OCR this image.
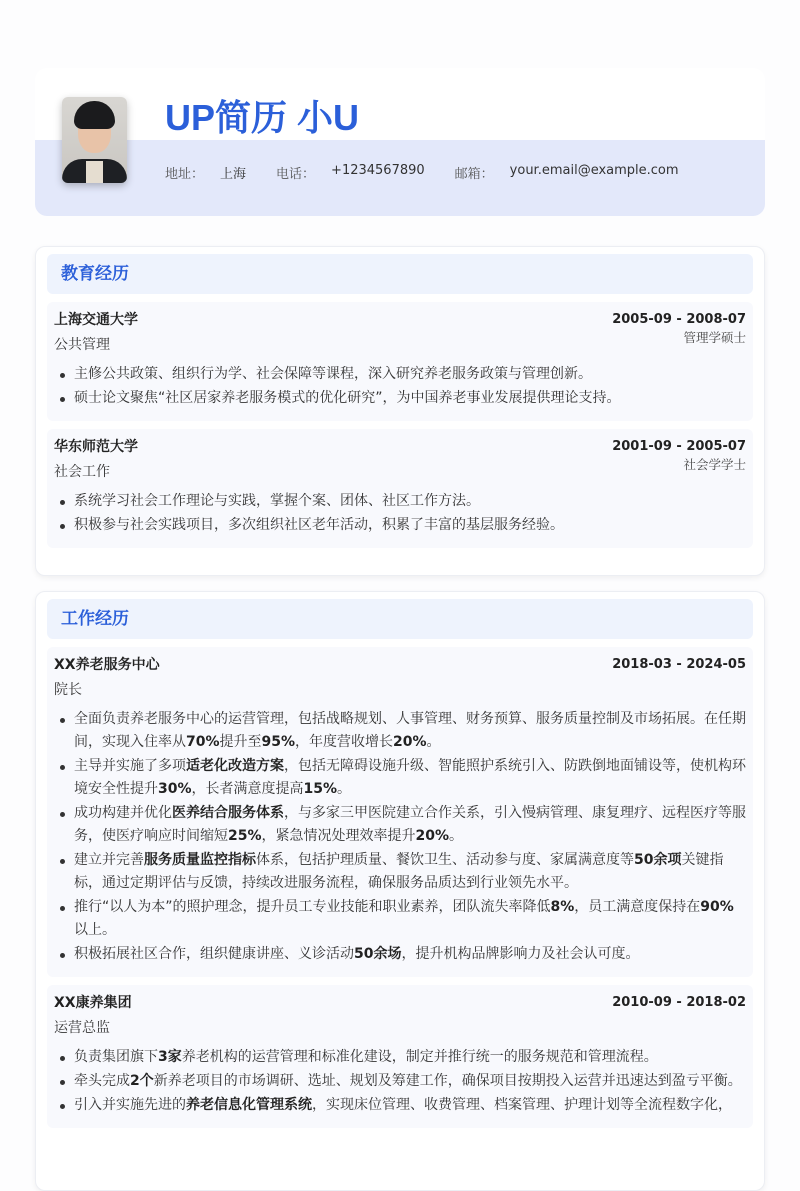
UP简历 小U
地址： 上海 电话： +1234567890 邮箱： your.email@example.com
教育经历
上海交通大学	2005-09 - 2008-07
管理学硕士
公共管理
主修公共政策、组织行为学、社会保障等课程，深入研究养老服务政策与管理创新。
硕士论文聚焦“社区居家养老服务模式的优化研究”，为中国养老事业发展提供理论支持。
华东师范大学	2001-09 - 2005-07
社会学学士
社会工作
系统学习社会工作理论与实践，掌握个案、团体、社区工作方法。
积极参与社会实践项目，多次组织社区老年活动，积累了丰富的基层服务经验。
工作经历
XX养老服务中心	2018-03 - 2024-05
院长
全面负责养老服务中心的运营管理，包括战略规划、人事管理、财务预算、服务质量控制及市场拓展。在任期间，实现入住率从70%提升至95%，年度营收增长20%。
主导并实施了多项适老化改造方案，包括无障碍设施升级、智能照护系统引入、防跌倒地面铺设等，使机构环境安全性提升30%，长者满意度提高15%。
成功构建并优化医养结合服务体系，与多家三甲医院建立合作关系，引入慢病管理、康复理疗、远程医疗等服务，使医疗响应时间缩短25%，紧急情况处理效率提升20%。
建立并完善服务质量监控指标体系，包括护理质量、餐饮卫生、活动参与度、家属满意度等50余项关键指标，通过定期评估与反馈，持续改进服务流程，确保服务品质达到行业领先水平。
推行“以人为本”的照护理念，提升员工专业技能和职业素养，团队流失率降低8%，员工满意度保持在90%以上。
积极拓展社区合作，组织健康讲座、义诊活动50余场，提升机构品牌影响力及社会认可度。
XX康养集团	2010-09 - 2018-02
运营总监
负责集团旗下3家养老机构的运营管理和标准化建设，制定并推行统一的服务规范和管理流程。
牵头完成2个新养老项目的市场调研、选址、规划及筹建工作，确保项目按期投入运营并迅速达到盈亏平衡。
引入并实施先进的养老信息化管理系统，实现床位管理、收费管理、档案管理、护理计划等全流程数字化，
